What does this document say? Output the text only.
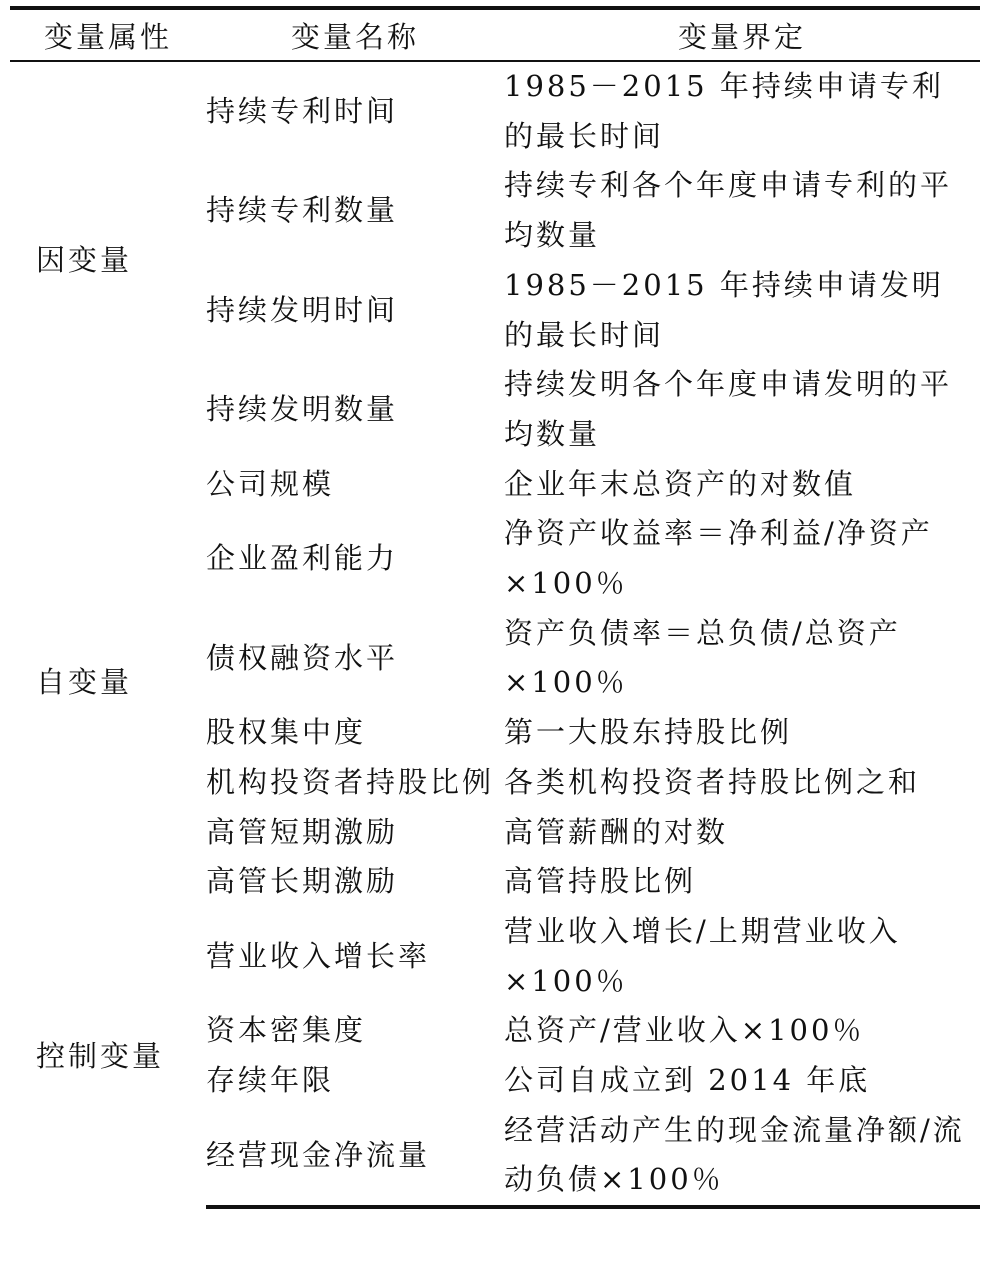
变量属性	变量名称	变量界定
因变量	持续专利时间	1985－2015 年持续申请专利的最长时间
	持续专利数量	持续专利各个年度申请专利的平均数量
	持续发明时间	1985－2015 年持续申请发明的最长时间
	持续发明数量	持续发明各个年度申请发明的平均数量
自变量	公司规模	企业年末总资产的对数值
	企业盈利能力	净资产收益率＝净利益/净资产×100％
	债权融资水平	资产负债率＝总负债/总资产×100％
	股权集中度	第一大股东持股比例
	机构投资者持股比例	各类机构投资者持股比例之和
	高管短期激励	高管薪酬的对数
	高管长期激励	高管持股比例
控制变量	营业收入增长率	营业收入增长/上期营业收入×100％
	资本密集度	总资产/营业收入×100％
	存续年限	公司自成立到 2014 年底
	经营现金净流量	经营活动产生的现金流量净额/流动负债×100％
